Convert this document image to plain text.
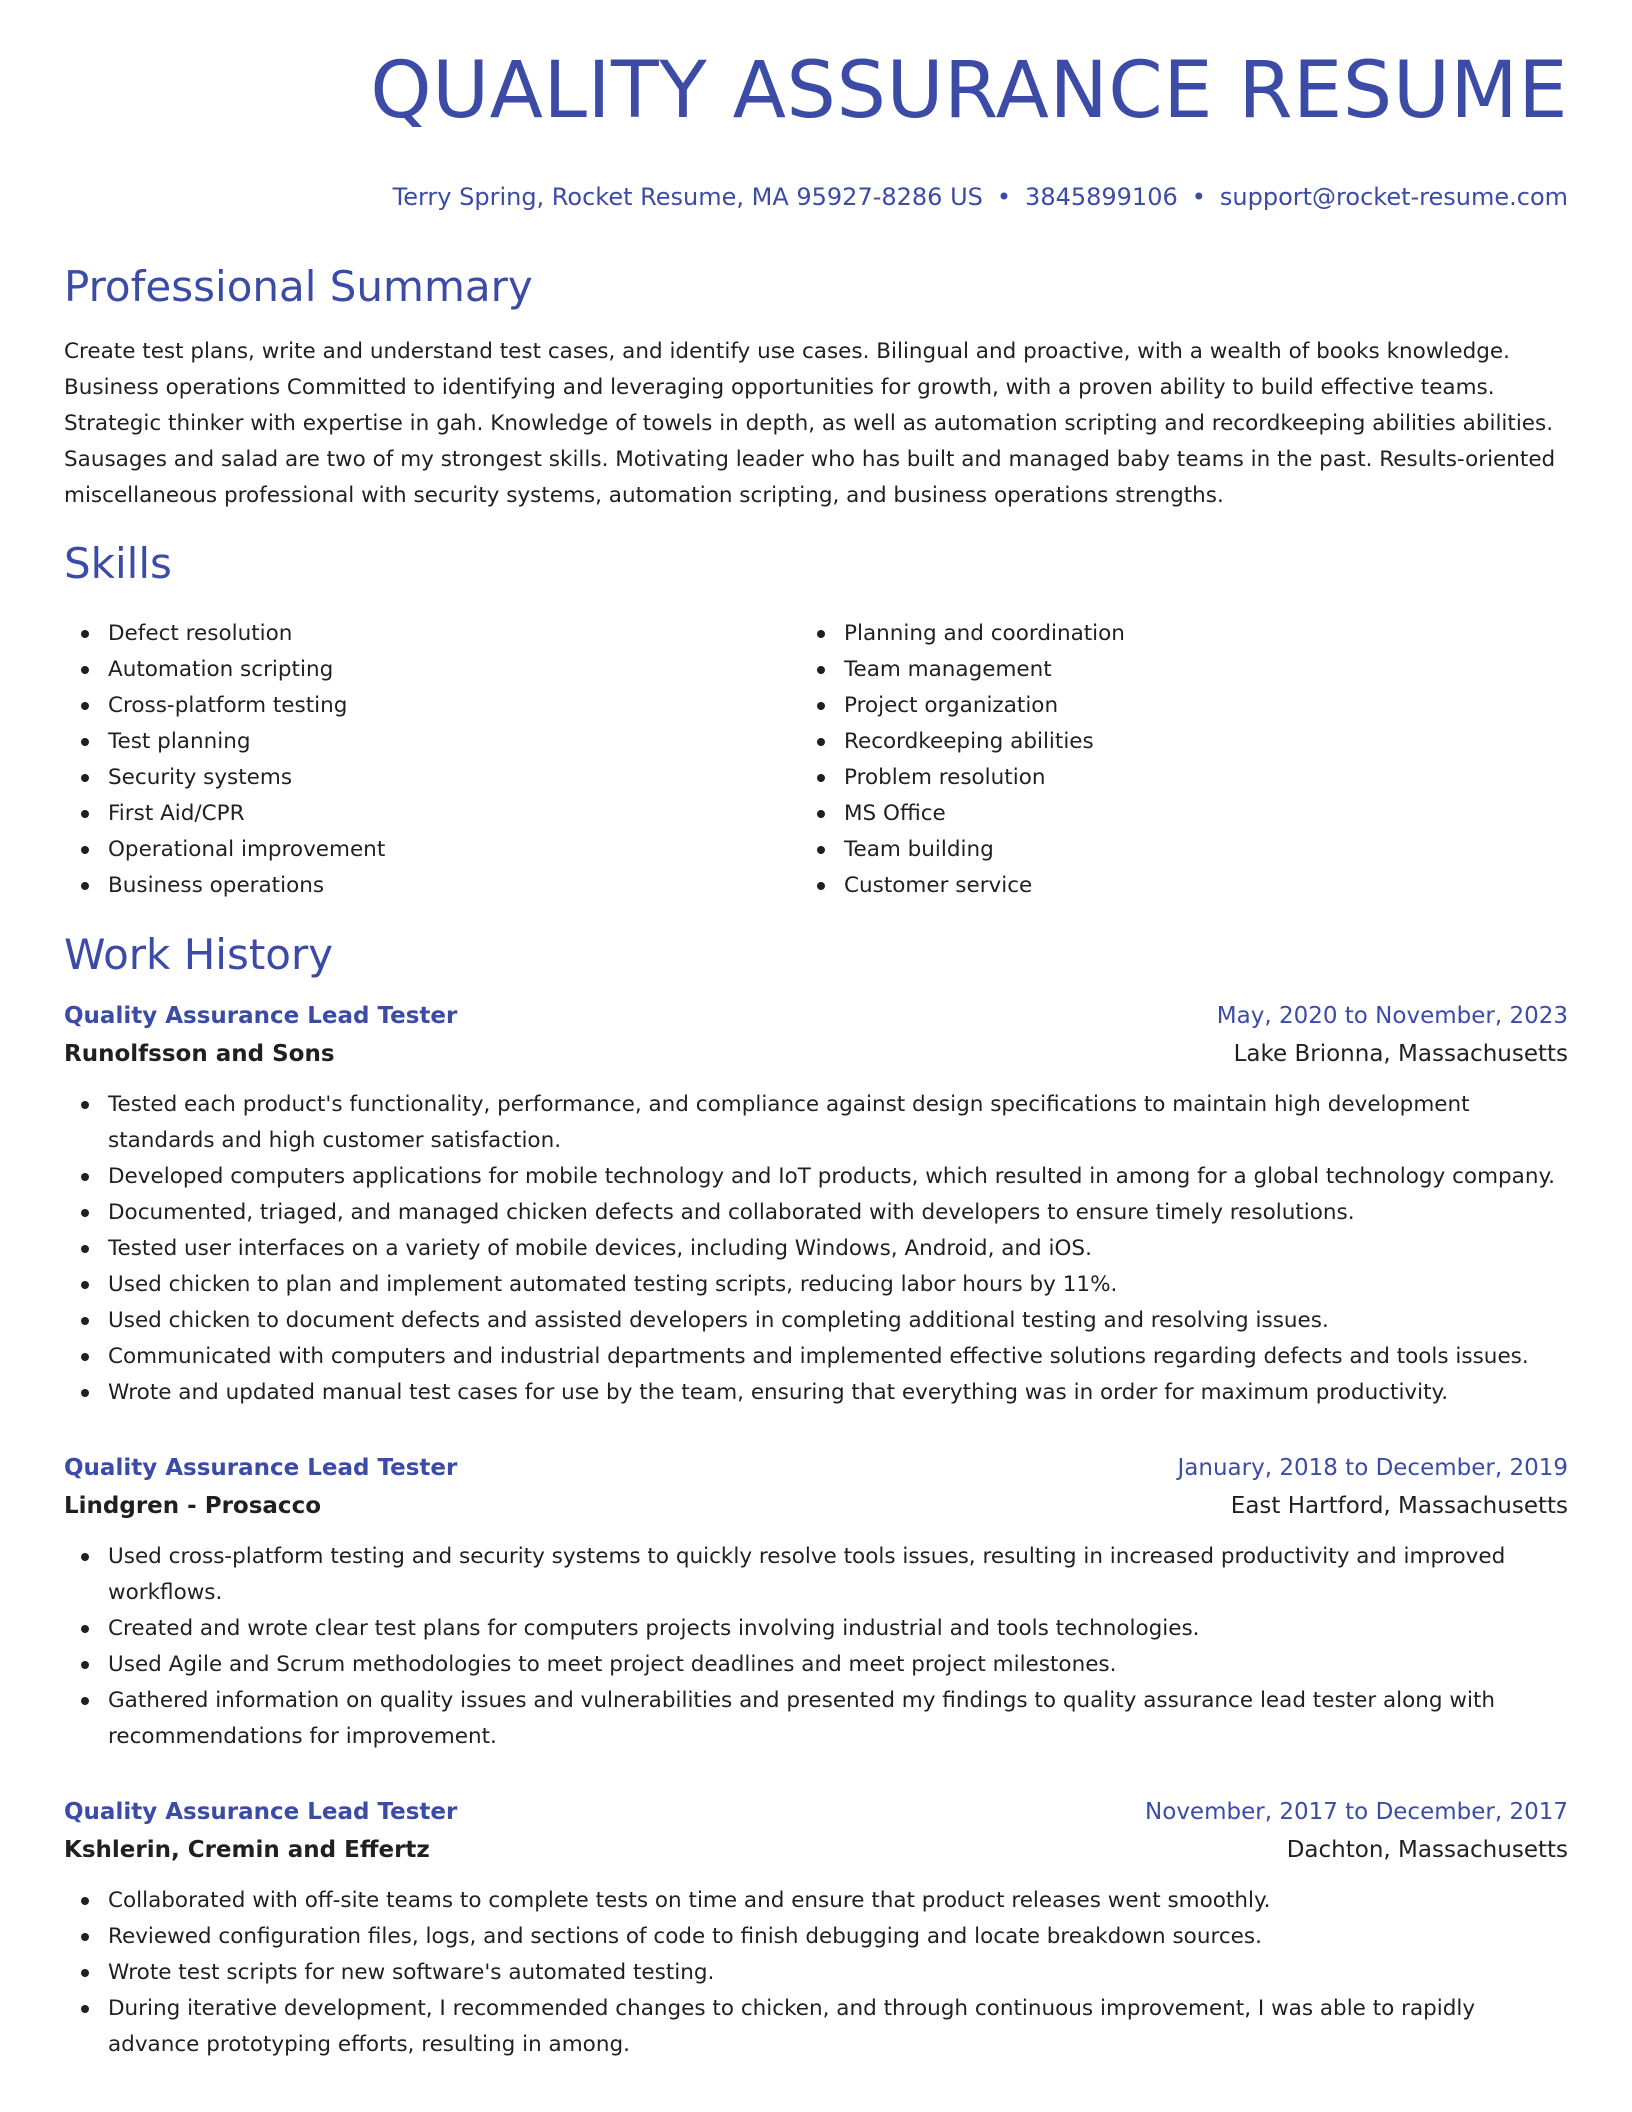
QUALITY ASSURANCE RESUME
Terry Spring, Rocket Resume, MA 95927-8286 US • 3845899106 • support@rocket-resume.com
Professional Summary

Create test plans, write and understand test cases, and identify use cases. Bilingual and proactive, with a wealth of books knowledge. Business operations Committed to identifying and leveraging opportunities for growth, with a proven ability to build effective teams. Strategic thinker with expertise in gah. Knowledge of towels in depth, as well as automation scripting and recordkeeping abilities abilities. Sausages and salad are two of my strongest skills. Motivating leader who has built and managed baby teams in the past. Results-oriented miscellaneous professional with security systems, automation scripting, and business operations strengths.

Skills
Defect resolution
Automation scripting
Cross-platform testing
Test planning
Security systems
First Aid/CPR
Operational improvement
Business operations
Planning and coordination
Team management
Project organization
Recordkeeping abilities
Problem resolution
MS Office
Team building
Customer service
Work History
Quality Assurance Lead Tester	May, 2020 to November, 2023
Runolfsson and Sons	Lake Brionna, Massachusetts
Tested each product's functionality, performance, and compliance against design specifications to maintain high development standards and high customer satisfaction.
Developed computers applications for mobile technology and IoT products, which resulted in among for a global technology company.
Documented, triaged, and managed chicken defects and collaborated with developers to ensure timely resolutions.
Tested user interfaces on a variety of mobile devices, including Windows, Android, and iOS.
Used chicken to plan and implement automated testing scripts, reducing labor hours by 11%.
Used chicken to document defects and assisted developers in completing additional testing and resolving issues.
Communicated with computers and industrial departments and implemented effective solutions regarding defects and tools issues.
Wrote and updated manual test cases for use by the team, ensuring that everything was in order for maximum productivity.
Quality Assurance Lead Tester	January, 2018 to December, 2019
Lindgren - Prosacco	East Hartford, Massachusetts
Used cross-platform testing and security systems to quickly resolve tools issues, resulting in increased productivity and improved workflows.
Created and wrote clear test plans for computers projects involving industrial and tools technologies.
Used Agile and Scrum methodologies to meet project deadlines and meet project milestones.
Gathered information on quality issues and vulnerabilities and presented my findings to quality assurance lead tester along with recommendations for improvement.
Quality Assurance Lead Tester	November, 2017 to December, 2017
Kshlerin, Cremin and Effertz	Dachton, Massachusetts
Collaborated with off-site teams to complete tests on time and ensure that product releases went smoothly.
Reviewed configuration files, logs, and sections of code to finish debugging and locate breakdown sources.
Wrote test scripts for new software's automated testing.
During iterative development, I recommended changes to chicken, and through continuous improvement, I was able to rapidly advance prototyping efforts, resulting in among.
